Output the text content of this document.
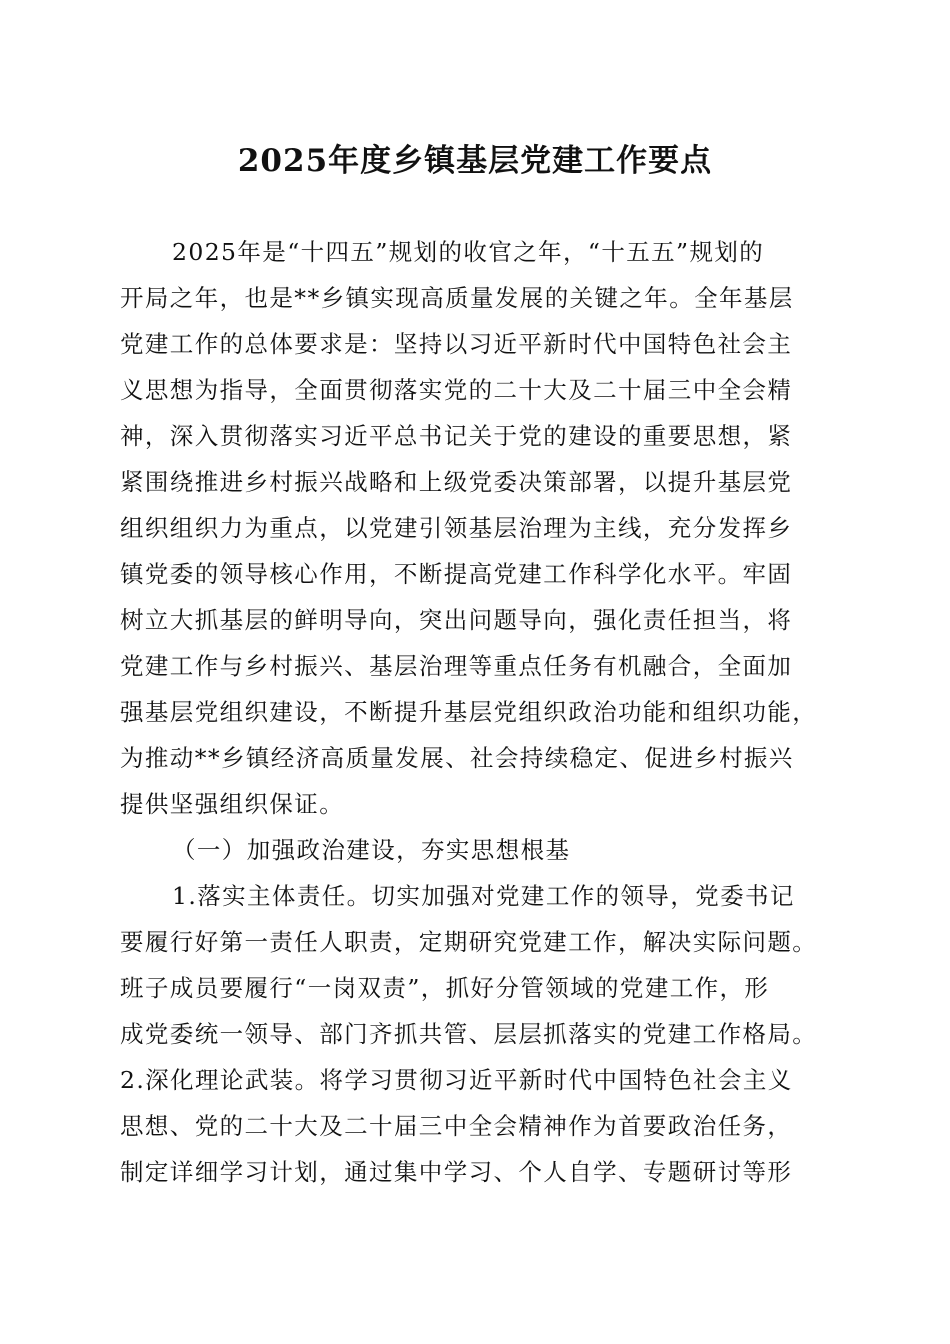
2025年度乡镇基层党建工作要点
2025年是“十四五”规划的收官之年，“十五五”规划的
开局之年，也是**乡镇实现高质量发展的关键之年。全年基层
党建工作的总体要求是：坚持以习近平新时代中国特色社会主
义思想为指导，全面贯彻落实党的二十大及二十届三中全会精
神，深入贯彻落实习近平总书记关于党的建设的重要思想，紧
紧围绕推进乡村振兴战略和上级党委决策部署，以提升基层党
组织组织力为重点，以党建引领基层治理为主线，充分发挥乡
镇党委的领导核心作用，不断提高党建工作科学化水平。牢固
树立大抓基层的鲜明导向，突出问题导向，强化责任担当，将
党建工作与乡村振兴、基层治理等重点任务有机融合，全面加
强基层党组织建设，不断提升基层党组织政治功能和组织功能，
为推动**乡镇经济高质量发展、社会持续稳定、促进乡村振兴
提供坚强组织保证。
（一）加强政治建设，夯实思想根基
1.落实主体责任。切实加强对党建工作的领导，党委书记
要履行好第一责任人职责，定期研究党建工作，解决实际问题。
班子成员要履行“一岗双责”，抓好分管领域的党建工作，形
成党委统一领导、部门齐抓共管、层层抓落实的党建工作格局。
2.深化理论武装。将学习贯彻习近平新时代中国特色社会主义
思想、党的二十大及二十届三中全会精神作为首要政治任务，
制定详细学习计划，通过集中学习、个人自学、专题研讨等形
